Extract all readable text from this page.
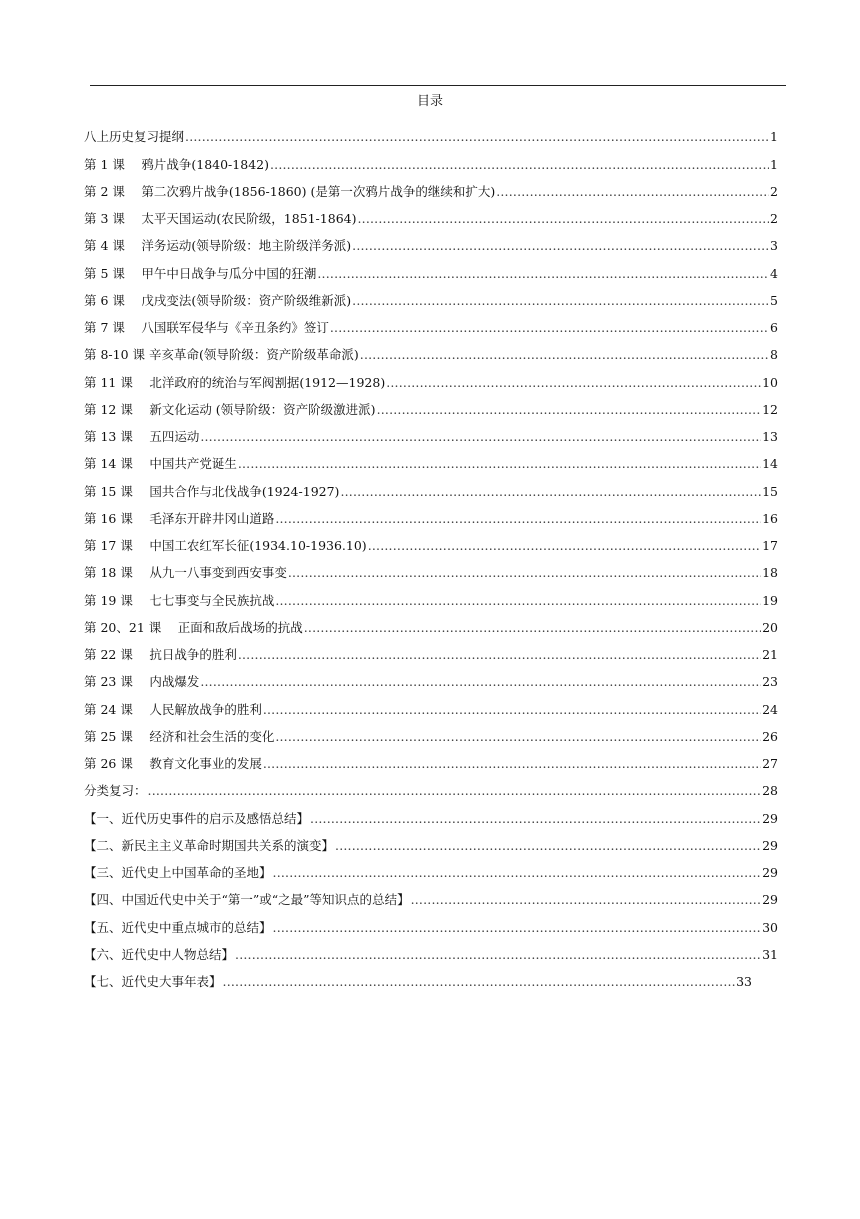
目录
八上历史复习提纲 .....	1
第 1 课　 鸦片战争(1840-1842) .....	1
第 2 课　 第二次鸦片战争(1856-1860) (是第一次鸦片战争的继续和扩大) .....	2
第 3 课　 太平天国运动(农民阶级，1851-1864) .....	2
第 4 课　 洋务运动(领导阶级：地主阶级洋务派) .....	3
第 5 课　 甲午中日战争与瓜分中国的狂潮 .....	4
第 6 课　 戊戌变法(领导阶级：资产阶级维新派) .....	5
第 7 课　 八国联军侵华与《辛丑条约》签订 .....	6
第 8-10 课 辛亥革命(领导阶级：资产阶级革命派) .....	8
第 11 课　 北洋政府的统治与军阀割据(1912—1928) .....	10
第 12 课　 新文化运动 (领导阶级：资产阶级激进派) .....	12
第 13 课　 五四运动 .....	13
第 14 课　 中国共产党诞生 .....	14
第 15 课　 国共合作与北伐战争(1924-1927) .....	15
第 16 课　 毛泽东开辟井冈山道路 .....	16
第 17 课　 中国工农红军长征(1934.10-1936.10) .....	17
第 18 课　 从九一八事变到西安事变 .....	18
第 19 课　 七七事变与全民族抗战 .....	19
第 20、21 课　 正面和敌后战场的抗战 .....	20
第 22 课　 抗日战争的胜利 .....	21
第 23 课　 内战爆发 .....	23
第 24 课　 人民解放战争的胜利 .....	24
第 25 课　 经济和社会生活的变化 .....	26
第 26 课　 教育文化事业的发展 .....	27
分类复习： .....	28
【一、近代历史事件的启示及感悟总结】 .....	29
【二、新民主主义革命时期国共关系的演变】 .....	29
【三、近代史上中国革命的圣地】 .....	29
【四、中国近代史中关于“第一”或“之最”等知识点的总结】 .....	29
【五、近代史中重点城市的总结】 .....	30
【六、近代史中人物总结】 .....	31
【七、近代史大事年表】 .....	33
